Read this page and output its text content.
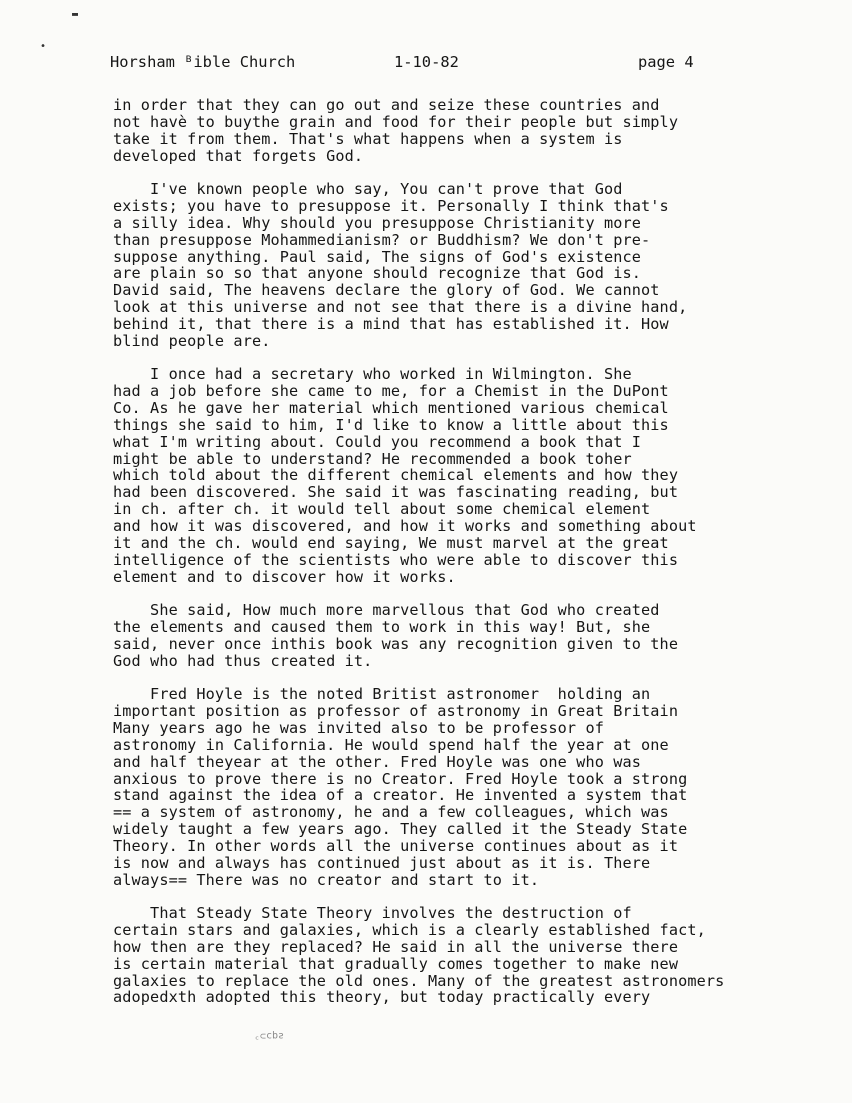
▬
•
Horsham ᴮible Church	1-10-82	page 4
in order that they can go out and seize these countries and
not havè to buythe grain and food for their people but simply
take it from them. That's what happens when a system is
developed that forgets God.
I've known people who say, You can't prove that God
exists; you have to presuppose it. Personally I think that's
a silly idea. Why should you presuppose Christianity more
than presuppose Mohammedianism? or Buddhism? We don't pre-
suppose anything. Paul said, The signs of God's existence
are plain so so that anyone should recognize that God is.
David said, The heavens declare the glory of God. We cannot
look at this universe and not see that there is a divine hand,
behind it, that there is a mind that has established it. How
blind people are.
I once had a secretary who worked in Wilmington. She
had a job before she came to me, for a Chemist in the DuPont
Co. As he gave her material which mentioned various chemical
things she said to him, I'd like to know a little about this
what I'm writing about. Could you recommend a book that I
might be able to understand? He recommended a book toher
which told about the different chemical elements and how they
had been discovered. She said it was fascinating reading, but
in ch. after ch. it would tell about some chemical element
and how it was discovered, and how it works and something about
it and the ch. would end saying, We must marvel at the great
intelligence of the scientists who were able to discover this
element and to discover how it works.
She said, How much more marvellous that God who created
the elements and caused them to work in this way! But, she
said, never once inthis book was any recognition given to the
God who had thus created it.
Fred Hoyle is the noted Britist astronomer  holding an
important position as professor of astronomy in Great Britain
Many years ago he was invited also to be professor of
astronomy in California. He would spend half the year at one
and half theyear at the other. Fred Hoyle was one who was
anxious to prove there is no Creator. Fred Hoyle took a strong
stand against the idea of a creator. He invented a system that
== a system of astronomy, he and a few colleagues, which was
widely taught a few years ago. They called it the Steady State
Theory. In other words all the universe continues about as it
is now and always has continued just about as it is. There
always== There was no creator and start to it.
That Steady State Theory involves the destruction of
certain stars and galaxies, which is a clearly established fact,
how then are they replaced? He said in all the universe there
is certain material that gradually comes together to make new
galaxies to replace the old ones. Many of the greatest astronomers
adopedxth adopted this theory, but today practically every
ƨqɔ⊃ᵓ
